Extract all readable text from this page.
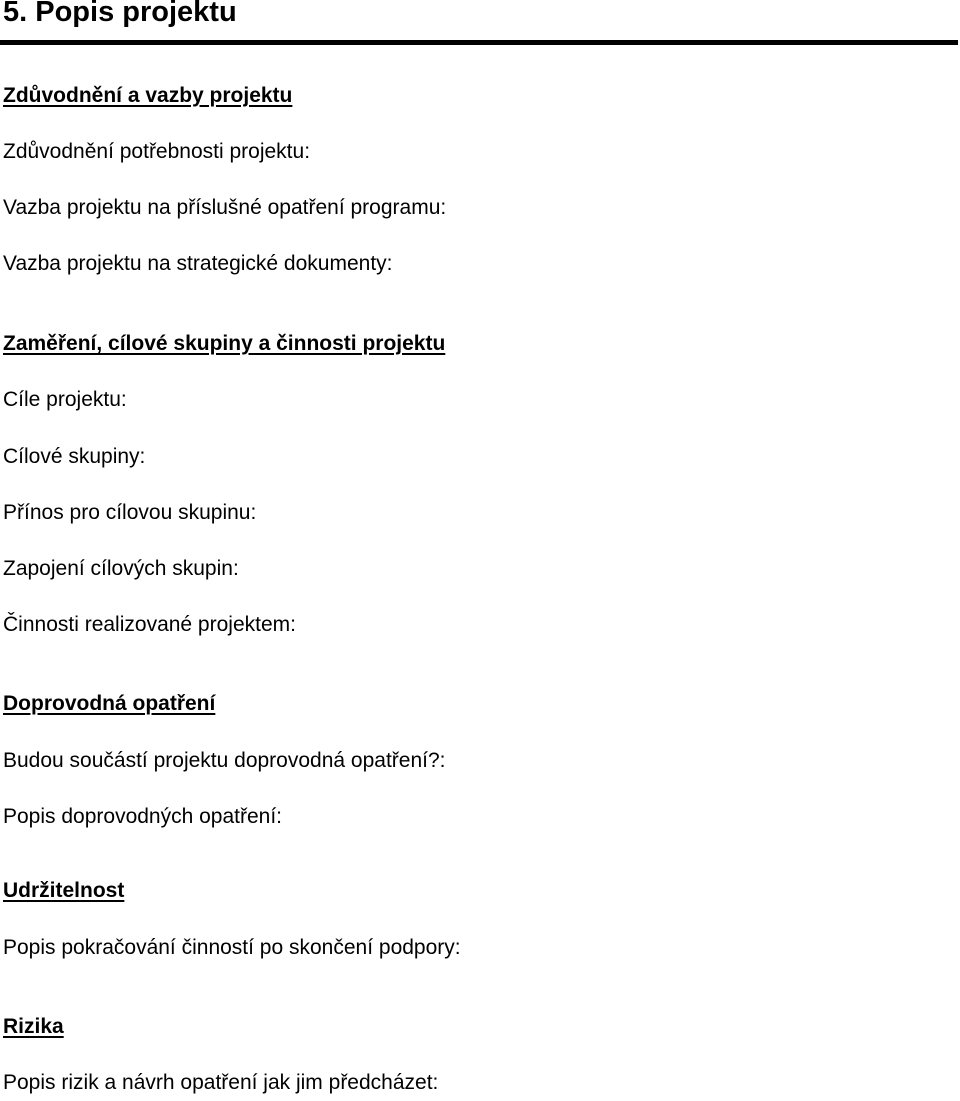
5. Popis projektu
Zdůvodnění a vazby projektu
Zdůvodnění potřebnosti projektu:
Vazba projektu na příslušné opatření programu:
Vazba projektu na strategické dokumenty:
Zaměření, cílové skupiny a činnosti projektu
Cíle projektu:
Cílové skupiny:
Přínos pro cílovou skupinu:
Zapojení cílových skupin:
Činnosti realizované projektem:
Doprovodná opatření
Budou součástí projektu doprovodná opatření?:
Popis doprovodných opatření:
Udržitelnost
Popis pokračování činností po skončení podpory:
Rizika
Popis rizik a návrh opatření jak jim předcházet:
